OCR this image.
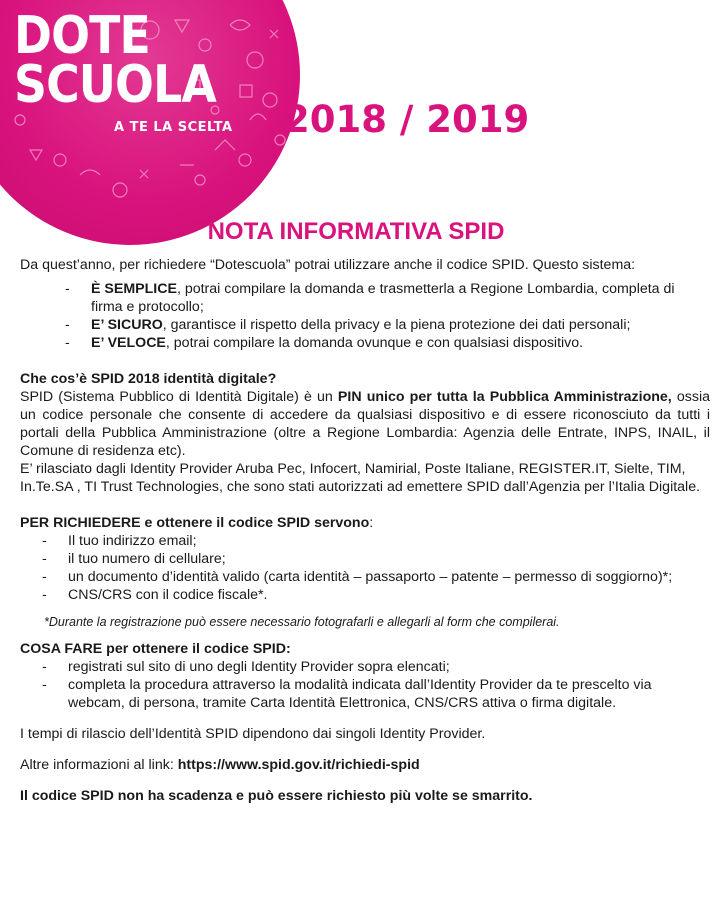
DOTE
SCUOLA
A TE LA SCELTA 2018 / 2019
NOTA INFORMATIVA SPID

Da quest’anno, per richiedere “Dotescuola” potrai utilizzare anche il codice SPID. Questo sistema:

- È SEMPLICE, potrai compilare la domanda e trasmetterla a Regione Lombardia, completa di firma e protocollo;
- E’ SICURO, garantisce il rispetto della privacy e la piena protezione dei dati personali;
- E’ VELOCE, potrai compilare la domanda ovunque e con qualsiasi dispositivo.

Che cos’è SPID 2018 identità digitale?

SPID (Sistema Pubblico di Identità Digitale) è un PIN unico per tutta la Pubblica Amministrazione, ossia un codice personale che consente di accedere da qualsiasi dispositivo e di essere riconosciuto da tutti i portali della Pubblica Amministrazione (oltre a Regione Lombardia: Agenzia delle Entrate, INPS, INAIL, il Comune di residenza etc).

E’ rilasciato dagli Identity Provider Aruba Pec, Infocert, Namirial, Poste Italiane, REGISTER.IT, Sielte, TIM, In.Te.SA , TI Trust Technologies, che sono stati autorizzati ad emettere SPID dall’Agenzia per l’Italia Digitale.

PER RICHIEDERE e ottenere il codice SPID servono:

- Il tuo indirizzo email;
- il tuo numero di cellulare;
- un documento d’identità valido (carta identità – passaporto – patente – permesso di soggiorno)*;
- CNS/CRS con il codice fiscale*.

*Durante la registrazione può essere necessario fotografarli e allegarli al form che compilerai.

COSA FARE per ottenere il codice SPID:

- registrati sul sito di uno degli Identity Provider sopra elencati;
- completa la procedura attraverso la modalità indicata dall’Identity Provider da te prescelto via webcam, di persona, tramite Carta Identità Elettronica, CNS/CRS attiva o firma digitale.

I tempi di rilascio dell’Identità SPID dipendono dai singoli Identity Provider.

Altre informazioni al link: https://www.spid.gov.it/richiedi-spid

Il codice SPID non ha scadenza e può essere richiesto più volte se smarrito.
